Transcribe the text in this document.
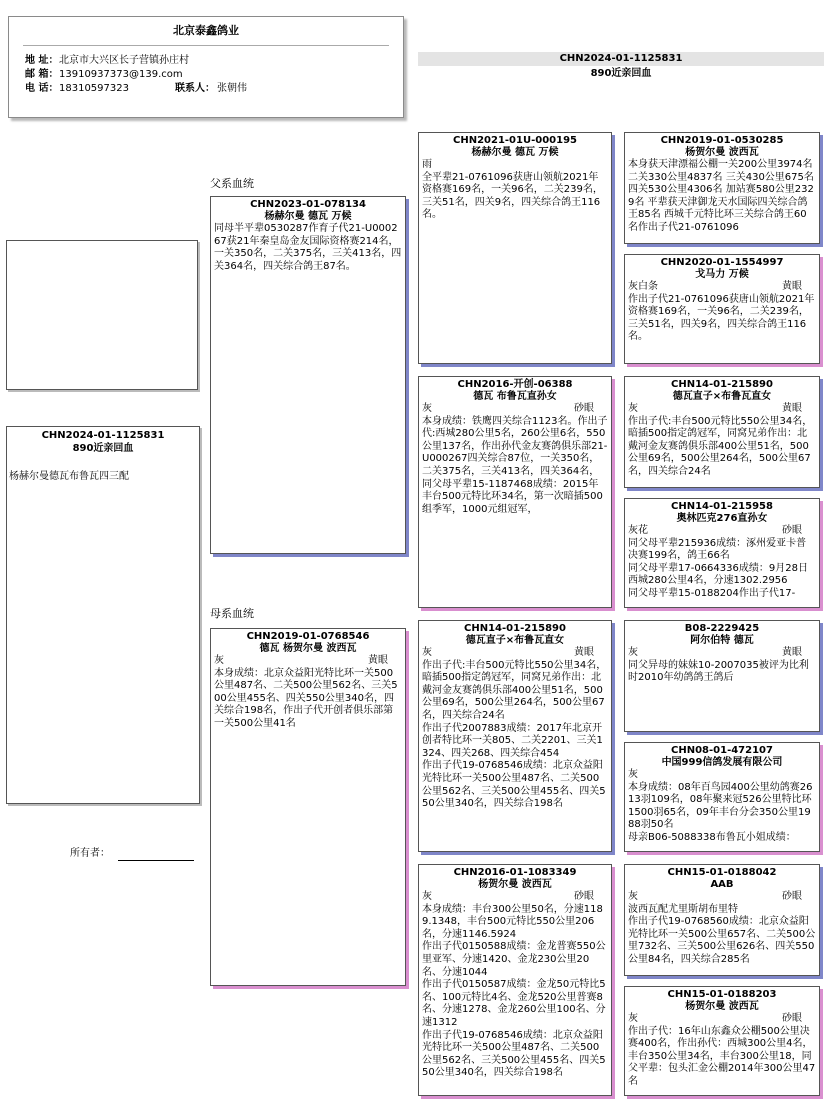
北京泰鑫鸽业
地 址：北京市大兴区长子营镇孙庄村
邮 箱：13910937373@139.com
电 话：18310597323	联系人： 张朝伟
CHN2024-01-1125831
890近亲回血
CHN2024-01-1125831
890近亲回血
杨赫尔曼德瓦布鲁瓦四三配
所有者：
父系血统
CHN2023-01-078134
杨赫尔曼 德瓦 万候
同母半平辈0530287作育子代21-U000267获21年秦皇岛金友国际资格赛214名，一关350名，二关375名，三关413名，四关364名，四关综合鸽王87名。
母系血统
CHN2019-01-0768546
德瓦 杨贺尔曼 波西瓦
灰	黄眼
本身成绩：北京众益阳光特比环一关500公里487名、二关500公里562名、三关500公里455名、四关550公里340名，四关综合198名，作出子代开创者俱乐部第一关500公里41名
CHN2021-01U-000195
杨赫尔曼 德瓦 万候
雨
全平辈21-0761096获唐山领航2021年资格赛169名，一关96名，二关239名，三关51名，四关9名，四关综合鸽王116名。
CHN2016-开创-06388
德瓦 布鲁瓦直孙女
灰	砂眼
本身成绩：铁鹰四关综合1123名。作出子代:西城280公里5名，260公里6名，550公里137名，作出孙代金友赛鸽俱乐部21-U000267四关综合87位，一关350名，二关375名，三关413名，四关364名，同父母平辈15-1187468成绩：2015年丰台500元特比环34名，第一次暗插500组季军，1000元组冠军，
CHN14-01-215890
德瓦直子×布鲁瓦直女
灰	黄眼
作出子代:丰台500元特比550公里34名，暗插500指定鸽冠军，同窝兄弟作出：北戴河金友赛鸽俱乐部400公里51名，500公里69名，500公里264名，500公里67名，四关综合24名
作出子代2007883成绩：2017年北京开创者特比环一关805、二关2201、三关1324、四关268、四关综合454
作出子代19-0768546成绩：北京众益阳光特比环一关500公里487名、二关500公里562名、三关500公里455名、四关550公里340名，四关综合198名
CHN2016-01-1083349
杨贺尔曼 波西瓦
灰	砂眼
本身成绩：丰台300公里50名，分速1189.1348，丰台500元特比550公里206名，分速1146.5924
作出子代0150588成绩：金龙普赛550公里亚军、分速1420、金龙230公里20名、分速1044
作出子代0150587成绩：金龙50元特比5名、100元特比4名、金龙520公里普赛8名、分速1278、金龙260公里100名、分速1312
作出子代19-0768546成绩：北京众益阳光特比环一关500公里487名、二关500公里562名、三关500公里455名、四关550公里340名，四关综合198名
CHN2019-01-0530285
杨贺尔曼 波西瓦
本身获天津漂福公棚一关200公里3974名 二关330公里4837名 三关430公里675名 四关530公里4306名 加站赛580公里2329名 平辈获天津御龙天水国际四关综合鸽王85名 西城千元特比环三关综合鸽王60名作出子代21-0761096
CHN2020-01-1554997
戈马力 万候
灰白条	黄眼
作出子代21-0761096获唐山领航2021年资格赛169名，一关96名，二关239名，三关51名，四关9名，四关综合鸽王116名。
CHN14-01-215890
德瓦直子×布鲁瓦直女
灰	黄眼
作出子代:丰台500元特比550公里34名，暗插500指定鸽冠军，同窝兄弟作出：北戴河金友赛鸽俱乐部400公里51名，500公里69名，500公里264名，500公里67名，四关综合24名
CHN14-01-215958
奥林匹克276直孙女
灰花	砂眼
同父母平辈215936成绩：涿州爱亚卡普决赛199名，鸽王66名
同父母平辈17-0664336成绩：9月28日西城280公里4名，分速1302.2956
同父母平辈15-0188204作出子代17-
B08-2229425
阿尔伯特 德瓦
灰	黄眼
同父异母的妹妹10-2007035被评为比利时2010年幼鸽鸽王鸽后
CHN08-01-472107
中国999信鸽发展有限公司
灰
本身成绩：08年百鸟园400公里幼鸽赛2613羽109名，08年聚来冠526公里特比环1500羽65名，09年丰台分会350公里1988羽50名
母亲B06-5088338布鲁瓦小姐成绩：
CHN15-01-0188042
AAB
灰	砂眼
波西瓦配尤里斯胡布里特
作出子代19-0768560成绩：北京众益阳光特比环一关500公里657名、二关500公里732名、三关500公里626名、四关550公里84名，四关综合285名
CHN15-01-0188203
杨贺尔曼 波西瓦
灰	砂眼
作出子代：16年山东鑫众公棚500公里决赛400名，作出孙代：西城300公里4名，丰台350公里34名，丰台300公里18，同父平辈：包头汇金公棚2014年300公里47名
